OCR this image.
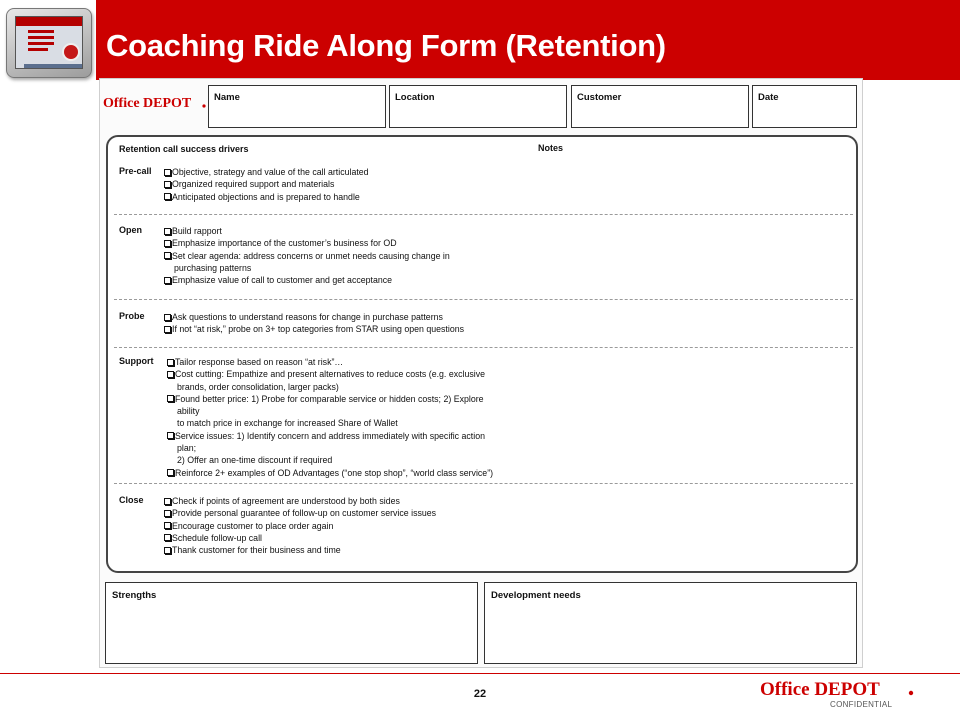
Coaching Ride Along Form (Retention)
Office DEPOT Name	Location	Customer	Date
Retention call success drivers	Notes
Pre-call	Objective, strategy and value of the call articulated
Organized required support and materials
Anticipated objections and is prepared to handle
Open	Build rapport
Emphasize importance of the customer’s business for OD
Set clear agenda: address concerns or unmet needs causing change in
purchasing patterns
Emphasize value of call to customer and get acceptance
Probe	Ask questions to understand reasons for change in purchase patterns
If not “at risk,” probe on 3+ top categories from STAR using open questions
Support	Tailor response based on reason “at risk”…
Cost cutting: Empathize and present alternatives to reduce costs (e.g. exclusive
brands, order consolidation, larger packs)
Found better price: 1) Probe for comparable service or hidden costs; 2) Explore
ability
to match price in exchange for increased Share of Wallet
Service issues: 1) Identify concern and address immediately with specific action
plan;
2) Offer an one-time discount if required
Reinforce 2+ examples of OD Advantages (“one stop shop”, “world class service”)
Close	Check if points of agreement are understood by both sides
Provide personal guarantee of follow-up on customer service issues
Encourage customer to place order again
Schedule follow-up call
Thank customer for their business and time
Strengths	Development needs
22	Office DEPOT
CONFIDENTIAL
